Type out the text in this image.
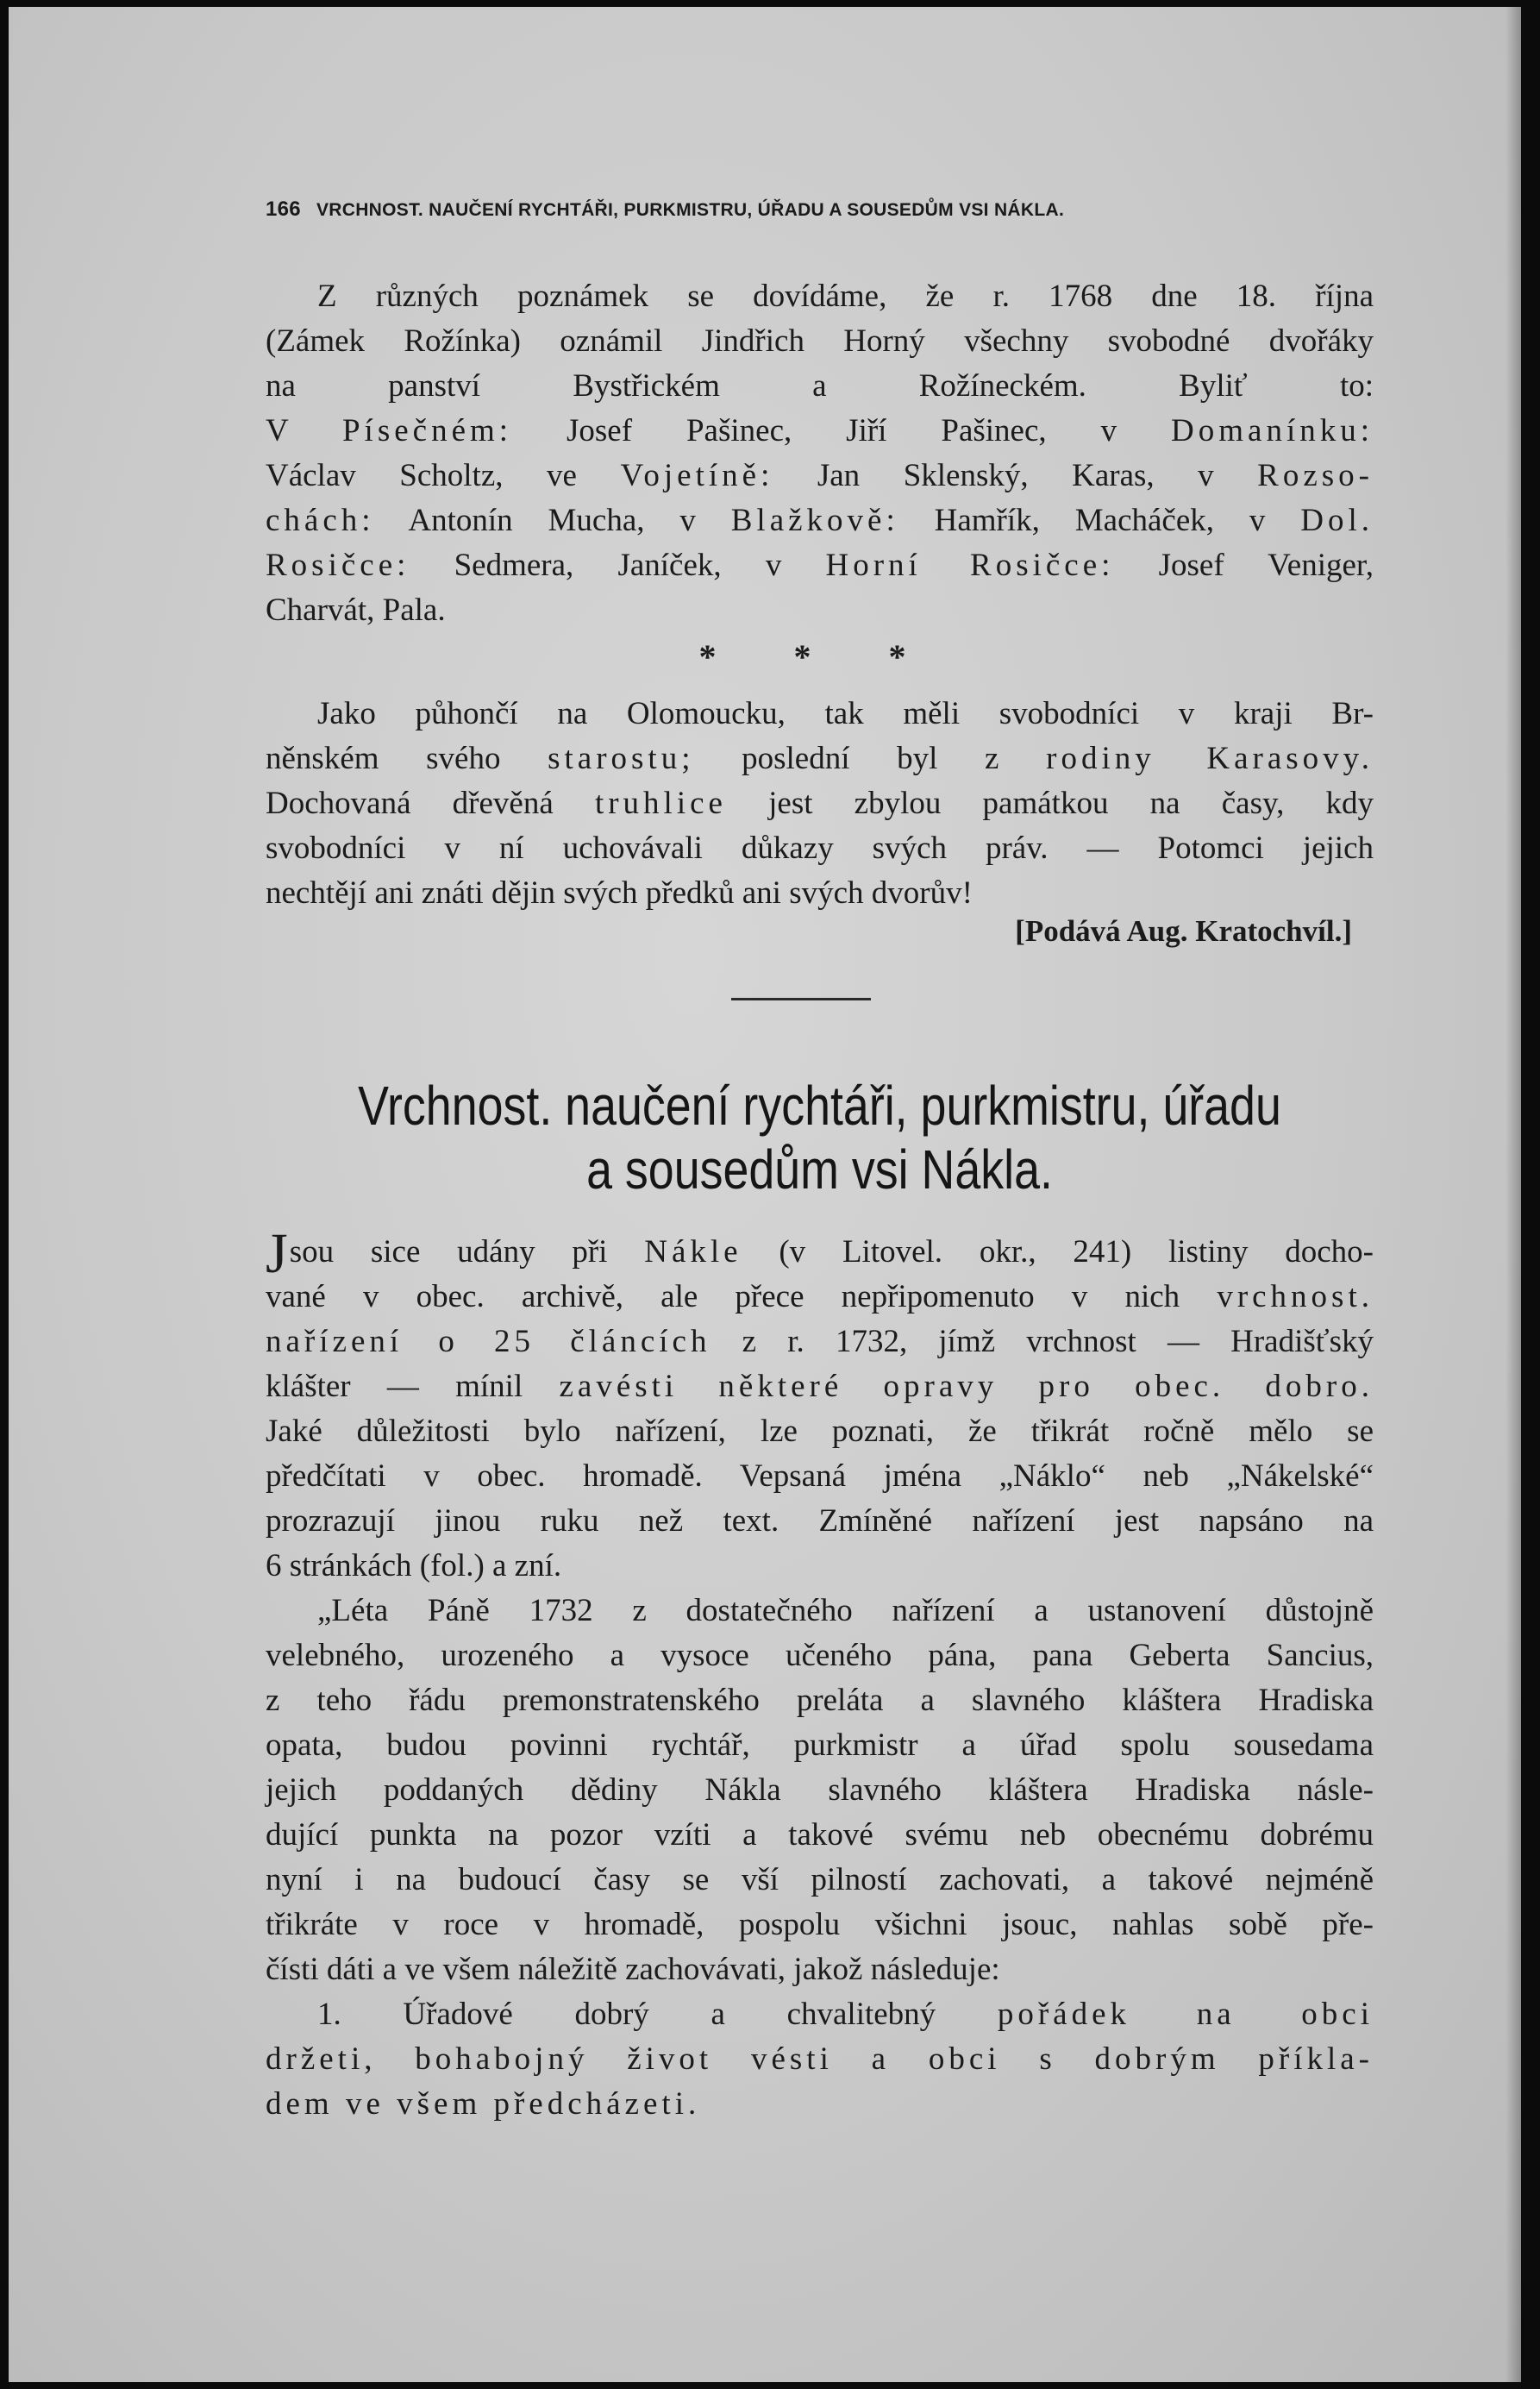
166 VRCHNOST. NAUČENÍ RYCHTÁŘI, PURKMISTRU, ÚŘADU A SOUSEDŮM VSI NÁKLA.
Z různých poznámek se dovídáme, že r. 1768 dne 18. října
(Zámek Rožínka) oznámil Jindřich Horný všechny svobodné dvořáky
na panství Bystřickém a Rožíneckém. Byliť to:
V Písečném: Josef Pašinec, Jiří Pašinec, v Domanínku:
Václav Scholtz, ve Vojetíně: Jan Sklenský, Karas, v Rozso-
chách: Antonín Mucha, v Blažkově: Hamřík, Macháček, v Dol.
Rosičce: Sedmera, Janíček, v Horní Rosičce: Josef Veniger,
Charvát, Pala.
* * *
Jako půhončí na Olomoucku, tak měli svobodníci v kraji Br-
něnském svého starostu; poslední byl z rodiny Karasovy.
Dochovaná dřevěná truhlice jest zbylou památkou na časy, kdy
svobodníci v ní uchovávali důkazy svých práv. — Potomci jejich
nechtějí ani znáti dějin svých předků ani svých dvorův!
[Podává Aug. Kratochvíl.]
Vrchnost. naučení rychtáři, purkmistru, úřadu
a sousedům vsi Nákla.
Jsou sice udány při Nákle (v Litovel. okr., 241) listiny docho-
vané v obec. archivě, ale přece nepřipomenuto v nich vrchnost.
nařízení o 25 článcích z r. 1732, jímž vrchnost — Hradišťský
klášter — mínil zavésti některé opravy pro obec. dobro.
Jaké důležitosti bylo nařízení, lze poznati, že třikrát ročně mělo se
předčítati v obec. hromadě. Vepsaná jména „Náklo“ neb „Nákelské“
prozrazují jinou ruku než text. Zmíněné nařízení jest napsáno na
6 stránkách (fol.) a zní.
„Léta Páně 1732 z dostatečného nařízení a ustanovení důstojně
velebného, urozeného a vysoce učeného pána, pana Geberta Sancius,
z teho řádu premonstratenského preláta a slavného kláštera Hradiska
opata, budou povinni rychtář, purkmistr a úřad spolu sousedama
jejich poddaných dědiny Nákla slavného kláštera Hradiska násle-
dující punkta na pozor vzíti a takové svému neb obecnému dobrému
nyní i na budoucí časy se vší pilností zachovati, a takové nejméně
třikráte v roce v hromadě, pospolu všichni jsouc, nahlas sobě pře-
čísti dáti a ve všem náležitě zachovávati, jakož následuje:
1. Úřadové dobrý a chvalitebný pořádek na obci
držeti, bohabojný život vésti a obci s dobrým příkla-
dem ve všem předcházeti.
